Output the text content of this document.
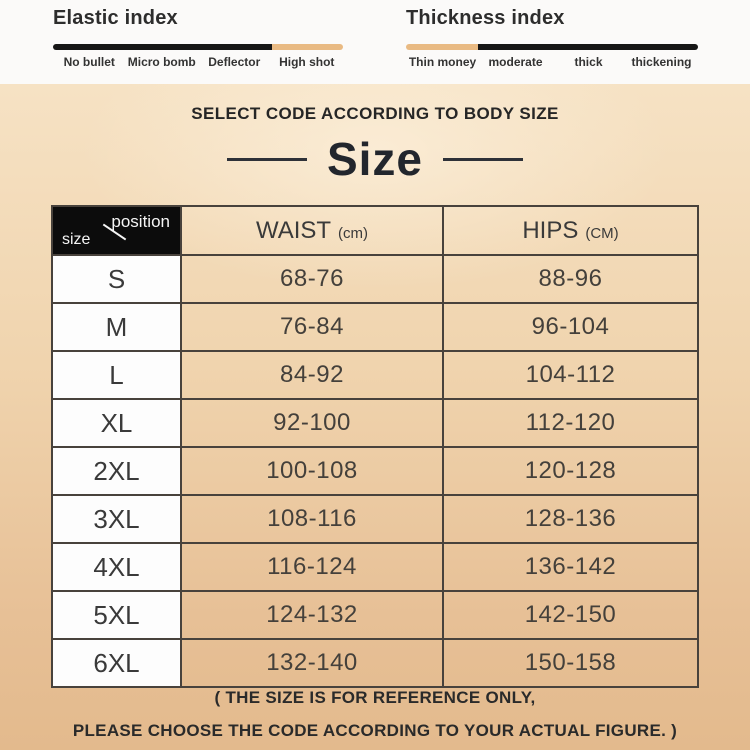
Elastic index
No bullet	Micro bomb	Deflector	High shot
Thickness index
Thin money	moderate	thick	thickening
SELECT CODE ACCORDING TO BODY SIZE
Size
position
size	WAIST (cm)	HIPS (CM)
S	68-76	88-96
M	76-84	96-104
L	84-92	104-112
XL	92-100	112-120
2XL	100-108	120-128
3XL	108-116	128-136
4XL	116-124	136-142
5XL	124-132	142-150
6XL	132-140	150-158
( THE SIZE IS FOR REFERENCE ONLY,
PLEASE CHOOSE THE CODE ACCORDING TO YOUR ACTUAL FIGURE. )
